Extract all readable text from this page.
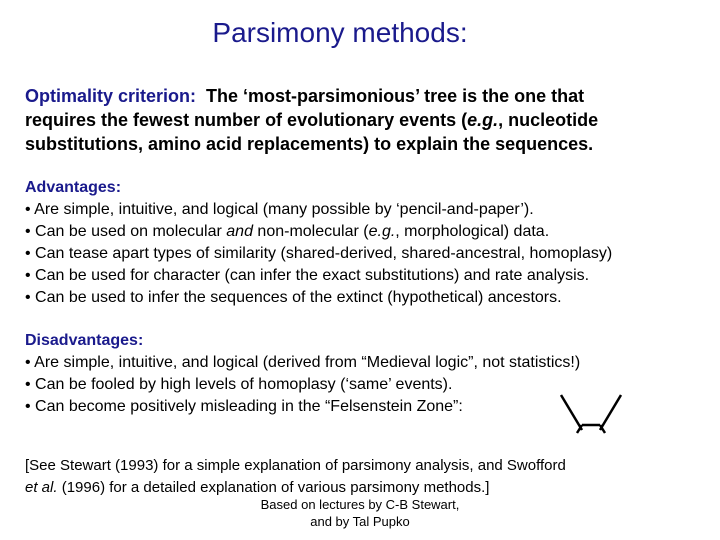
Parsimony methods:
Optimality criterion: The ‘most-parsimonious’ tree is the one that
requires the fewest number of evolutionary events (e.g., nucleotide
substitutions, amino acid replacements) to explain the sequences.
Advantages:
• Are simple, intuitive, and logical (many possible by ‘pencil-and-paper’).
• Can be used on molecular and non-molecular (e.g., morphological) data.
• Can tease apart types of similarity (shared-derived, shared-ancestral, homoplasy)
• Can be used for character (can infer the exact substitutions) and rate analysis.
• Can be used to infer the sequences of the extinct (hypothetical) ancestors.
Disadvantages:
• Are simple, intuitive, and logical (derived from “Medieval logic”, not statistics!)
• Can be fooled by high levels of homoplasy (‘same’ events).
• Can become positively misleading in the “Felsenstein Zone”:
[See Stewart (1993) for a simple explanation of parsimony analysis, and Swofford
et al. (1996) for a detailed explanation of various parsimony methods.]
Based on lectures by C-B Stewart,
and by Tal Pupko
